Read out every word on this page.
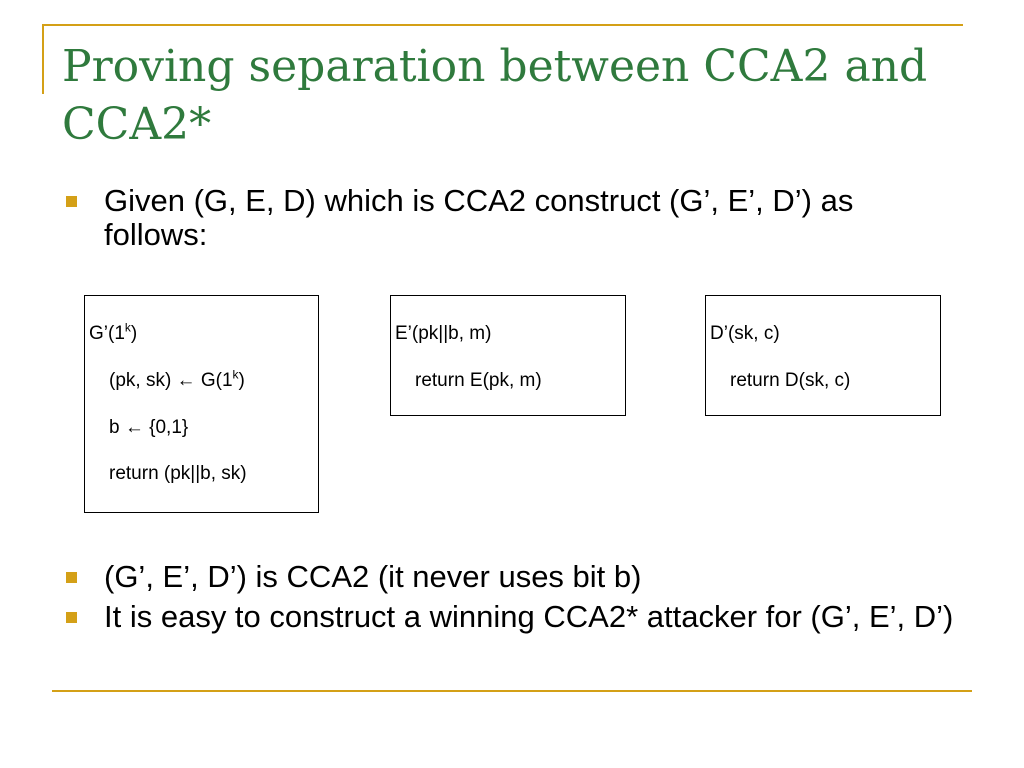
Proving separation between CCA2 and CCA2*
Given (G, E, D) which is CCA2 construct (G’, E’, D’) as follows:
G’(1$^k$)
(pk, sk) ← G(1$^k$)
b ← {0,1}
return (pk||b, sk)
E’(pk||b, m)
return E(pk, m)
D’(sk, c)
return D(sk, c)
(G’, E’, D’) is CCA2 (it never uses bit b)
It is easy to construct a winning CCA2* attacker for (G’, E’, D’)
